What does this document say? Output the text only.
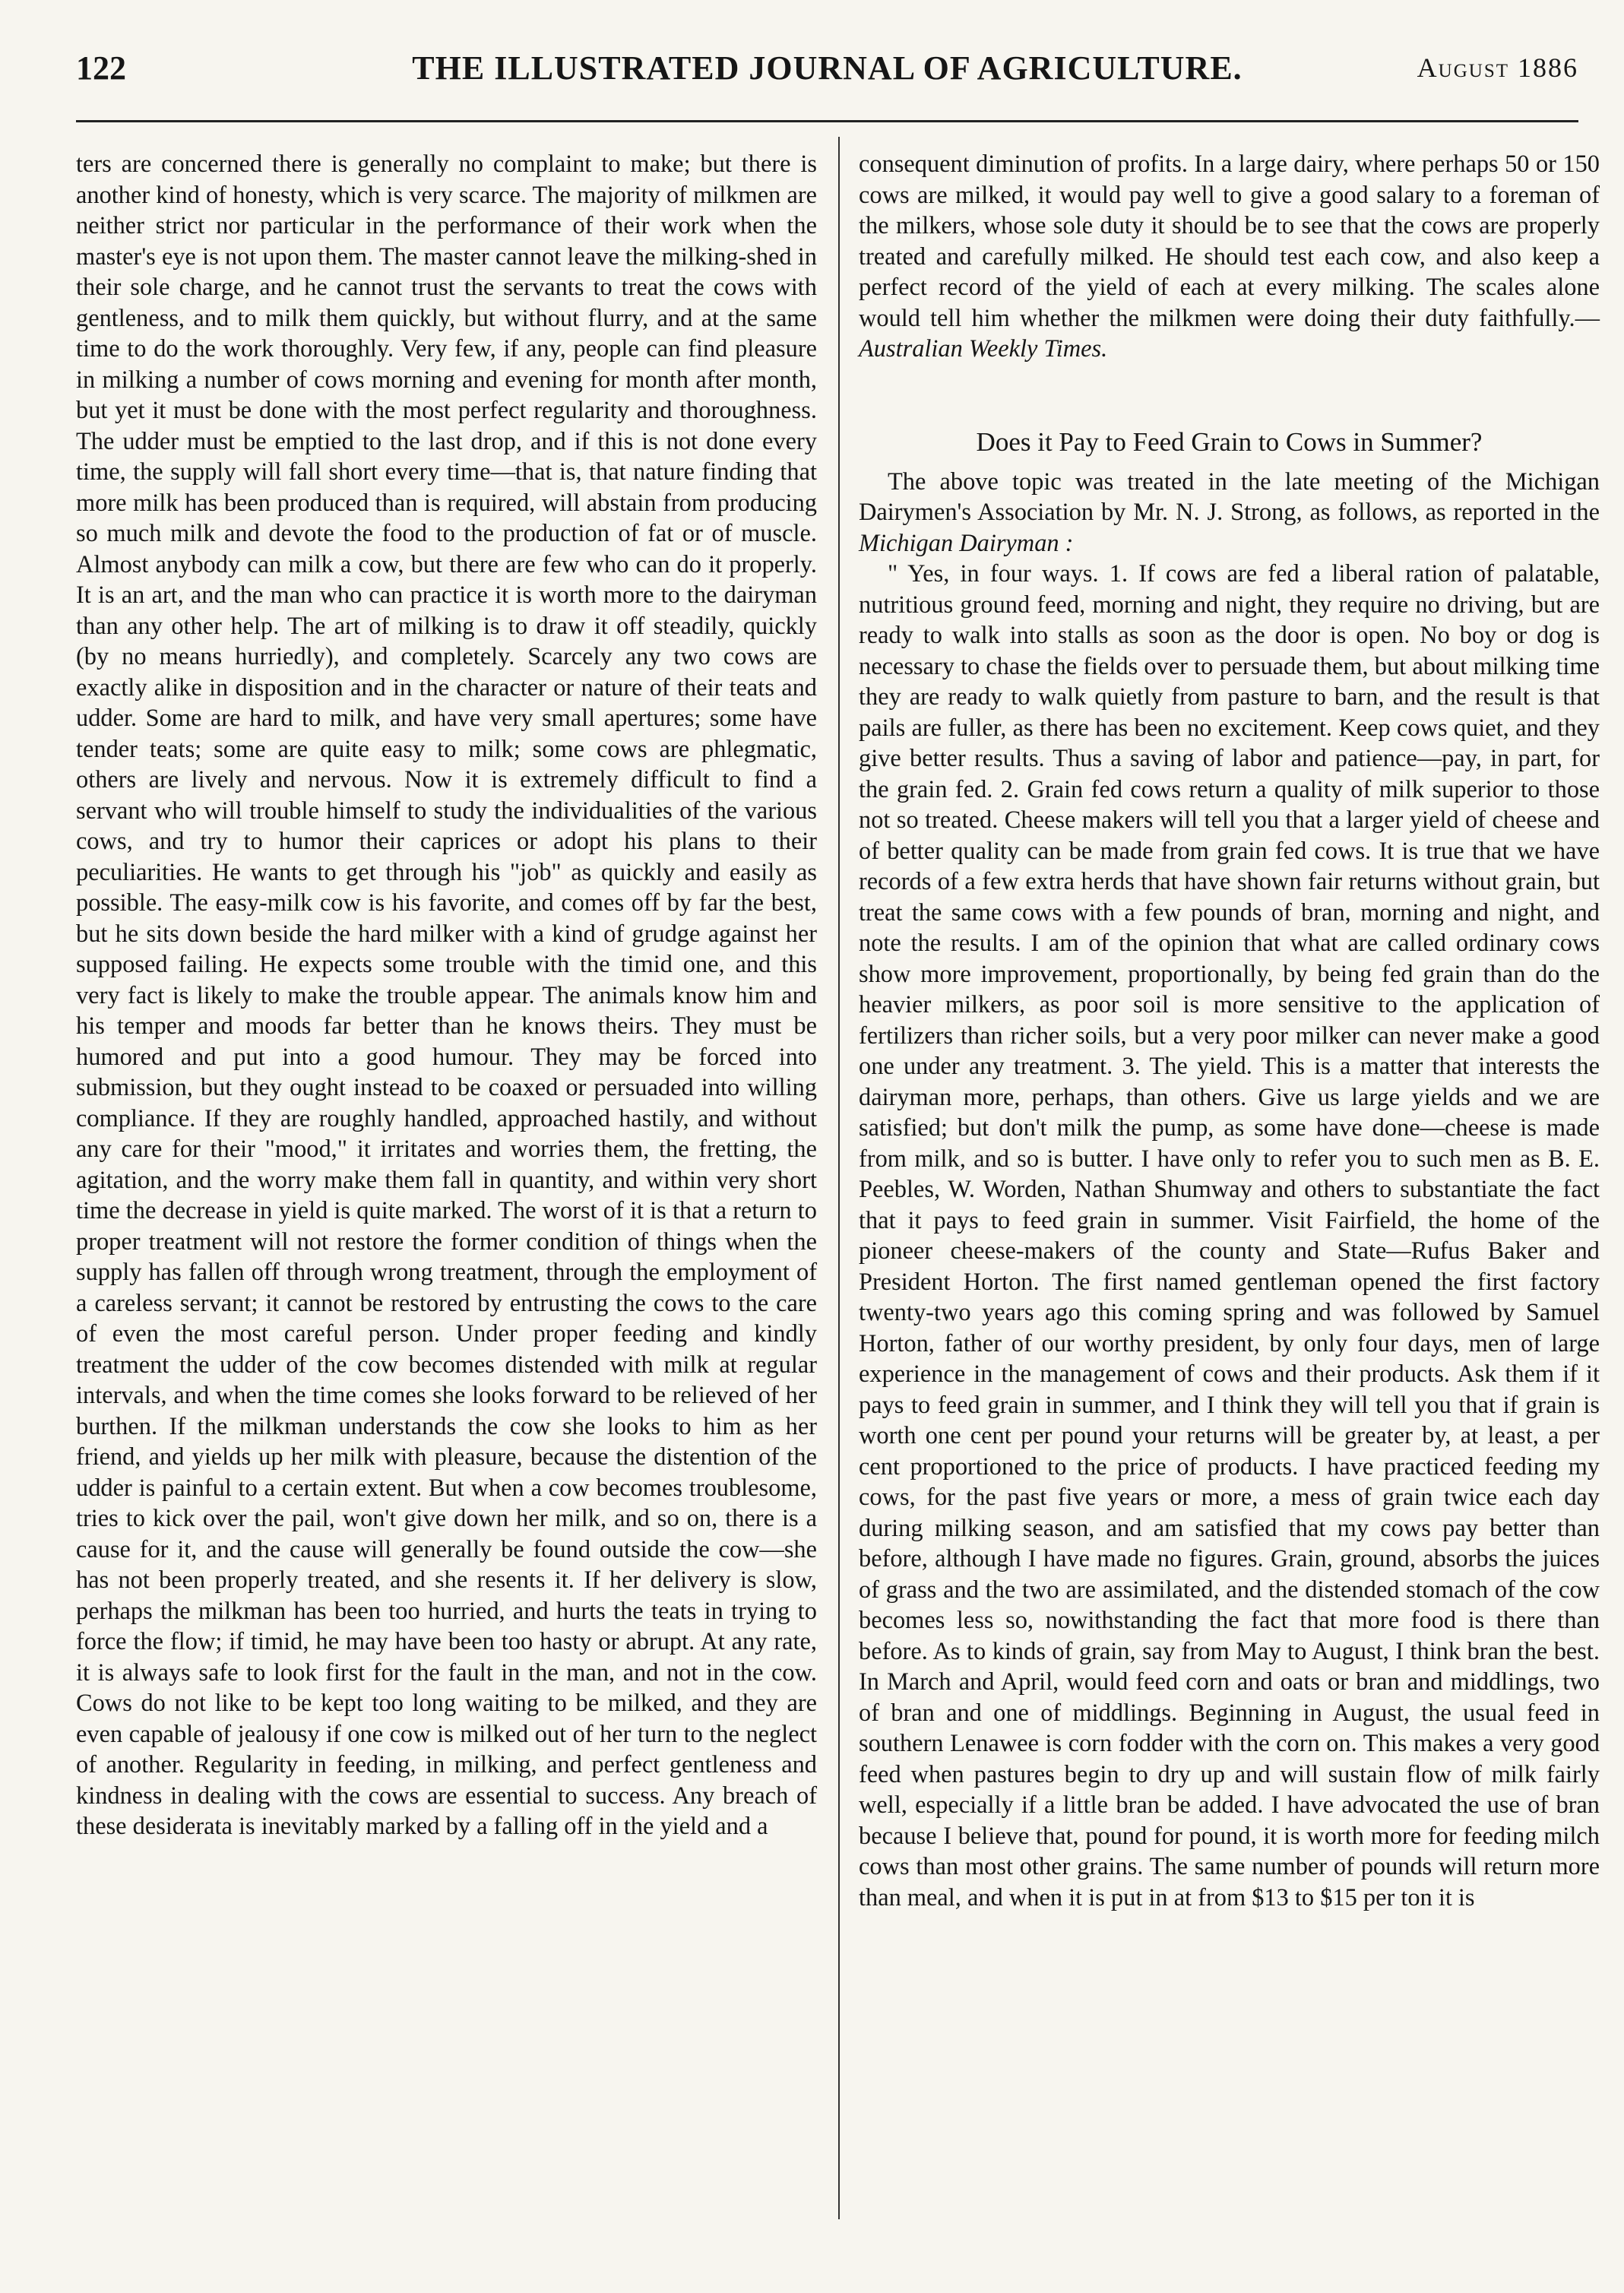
122	THE ILLUSTRATED JOURNAL OF AGRICULTURE.	August 1886

ters are concerned there is generally no complaint to make; but there is another kind of honesty, which is very scarce. The majority of milkmen are neither strict nor particular in the performance of their work when the master's eye is not upon them. The master cannot leave the milking-shed in their sole charge, and he cannot trust the servants to treat the cows with gentleness, and to milk them quickly, but without flurry, and at the same time to do the work thoroughly. Very few, if any, people can find pleasure in milking a number of cows morning and evening for month after month, but yet it must be done with the most perfect regularity and thoroughness. The udder must be emptied to the last drop, and if this is not done every time, the supply will fall short every time—that is, that nature finding that more milk has been produced than is required, will abstain from producing so much milk and devote the food to the production of fat or of muscle. Almost anybody can milk a cow, but there are few who can do it properly. It is an art, and the man who can practice it is worth more to the dairyman than any other help. The art of milking is to draw it off steadily, quickly (by no means hurriedly), and completely. Scarcely any two cows are exactly alike in disposition and in the character or nature of their teats and udder. Some are hard to milk, and have very small apertures; some have tender teats; some are quite easy to milk; some cows are phlegmatic, others are lively and nervous. Now it is extremely difficult to find a servant who will trouble himself to study the individualities of the various cows, and try to humor their caprices or adopt his plans to their peculiarities. He wants to get through his "job" as quickly and easily as possible. The easy-milk cow is his favorite, and comes off by far the best, but he sits down beside the hard milker with a kind of grudge against her supposed failing. He expects some trouble with the timid one, and this very fact is likely to make the trouble appear. The animals know him and his temper and moods far better than he knows theirs. They must be humored and put into a good humour. They may be forced into submission, but they ought instead to be coaxed or persuaded into willing compliance. If they are roughly handled, approached hastily, and without any care for their "mood," it irritates and worries them, the fretting, the agitation, and the worry make them fall in quantity, and within very short time the decrease in yield is quite marked. The worst of it is that a return to proper treatment will not restore the former condition of things when the supply has fallen off through wrong treatment, through the employment of a careless servant; it cannot be restored by entrusting the cows to the care of even the most careful person. Under proper feeding and kindly treatment the udder of the cow becomes distended with milk at regular intervals, and when the time comes she looks forward to be relieved of her burthen. If the milkman understands the cow she looks to him as her friend, and yields up her milk with pleasure, because the distention of the udder is painful to a certain extent. But when a cow becomes troublesome, tries to kick over the pail, won't give down her milk, and so on, there is a cause for it, and the cause will generally be found outside the cow—she has not been properly treated, and she resents it. If her delivery is slow, perhaps the milkman has been too hurried, and hurts the teats in trying to force the flow; if timid, he may have been too hasty or abrupt. At any rate, it is always safe to look first for the fault in the man, and not in the cow. Cows do not like to be kept too long waiting to be milked, and they are even capable of jealousy if one cow is milked out of her turn to the neglect of another. Regularity in feeding, in milking, and perfect gentleness and kindness in dealing with the cows are essential to success. Any breach of these desiderata is inevitably marked by a falling off in the yield and a

consequent diminution of profits. In a large dairy, where perhaps 50 or 150 cows are milked, it would pay well to give a good salary to a foreman of the milkers, whose sole duty it should be to see that the cows are properly treated and carefully milked. He should test each cow, and also keep a perfect record of the yield of each at every milking. The scales alone would tell him whether the milkmen were doing their duty faithfully.—Australian Weekly Times.

Does it Pay to Feed Grain to Cows in Summer?

The above topic was treated in the late meeting of the Michigan Dairymen's Association by Mr. N. J. Strong, as follows, as reported in the Michigan Dairyman :

" Yes, in four ways. 1. If cows are fed a liberal ration of palatable, nutritious ground feed, morning and night, they require no driving, but are ready to walk into stalls as soon as the door is open. No boy or dog is necessary to chase the fields over to persuade them, but about milking time they are ready to walk quietly from pasture to barn, and the result is that pails are fuller, as there has been no excitement. Keep cows quiet, and they give better results. Thus a saving of labor and patience—pay, in part, for the grain fed. 2. Grain fed cows return a quality of milk superior to those not so treated. Cheese makers will tell you that a larger yield of cheese and of better quality can be made from grain fed cows. It is true that we have records of a few extra herds that have shown fair returns without grain, but treat the same cows with a few pounds of bran, morning and night, and note the results. I am of the opinion that what are called ordinary cows show more improvement, proportionally, by being fed grain than do the heavier milkers, as poor soil is more sensitive to the application of fertilizers than richer soils, but a very poor milker can never make a good one under any treatment. 3. The yield. This is a matter that interests the dairyman more, perhaps, than others. Give us large yields and we are satisfied; but don't milk the pump, as some have done—cheese is made from milk, and so is butter. I have only to refer you to such men as B. E. Peebles, W. Worden, Nathan Shumway and others to substantiate the fact that it pays to feed grain in summer. Visit Fairfield, the home of the pioneer cheese-makers of the county and State—Rufus Baker and President Horton. The first named gentleman opened the first factory twenty-two years ago this coming spring and was followed by Samuel Horton, father of our worthy president, by only four days, men of large experience in the management of cows and their products. Ask them if it pays to feed grain in summer, and I think they will tell you that if grain is worth one cent per pound your returns will be greater by, at least, a per cent proportioned to the price of products. I have practiced feeding my cows, for the past five years or more, a mess of grain twice each day during milking season, and am satisfied that my cows pay better than before, although I have made no figures. Grain, ground, absorbs the juices of grass and the two are assimilated, and the distended stomach of the cow becomes less so, nowithstanding the fact that more food is there than before. As to kinds of grain, say from May to August, I think bran the best. In March and April, would feed corn and oats or bran and middlings, two of bran and one of middlings. Beginning in August, the usual feed in southern Lenawee is corn fodder with the corn on. This makes a very good feed when pastures begin to dry up and will sustain flow of milk fairly well, especially if a little bran be added. I have advocated the use of bran because I believe that, pound for pound, it is worth more for feeding milch cows than most other grains. The same number of pounds will return more than meal, and when it is put in at from $13 to $15 per ton it is
